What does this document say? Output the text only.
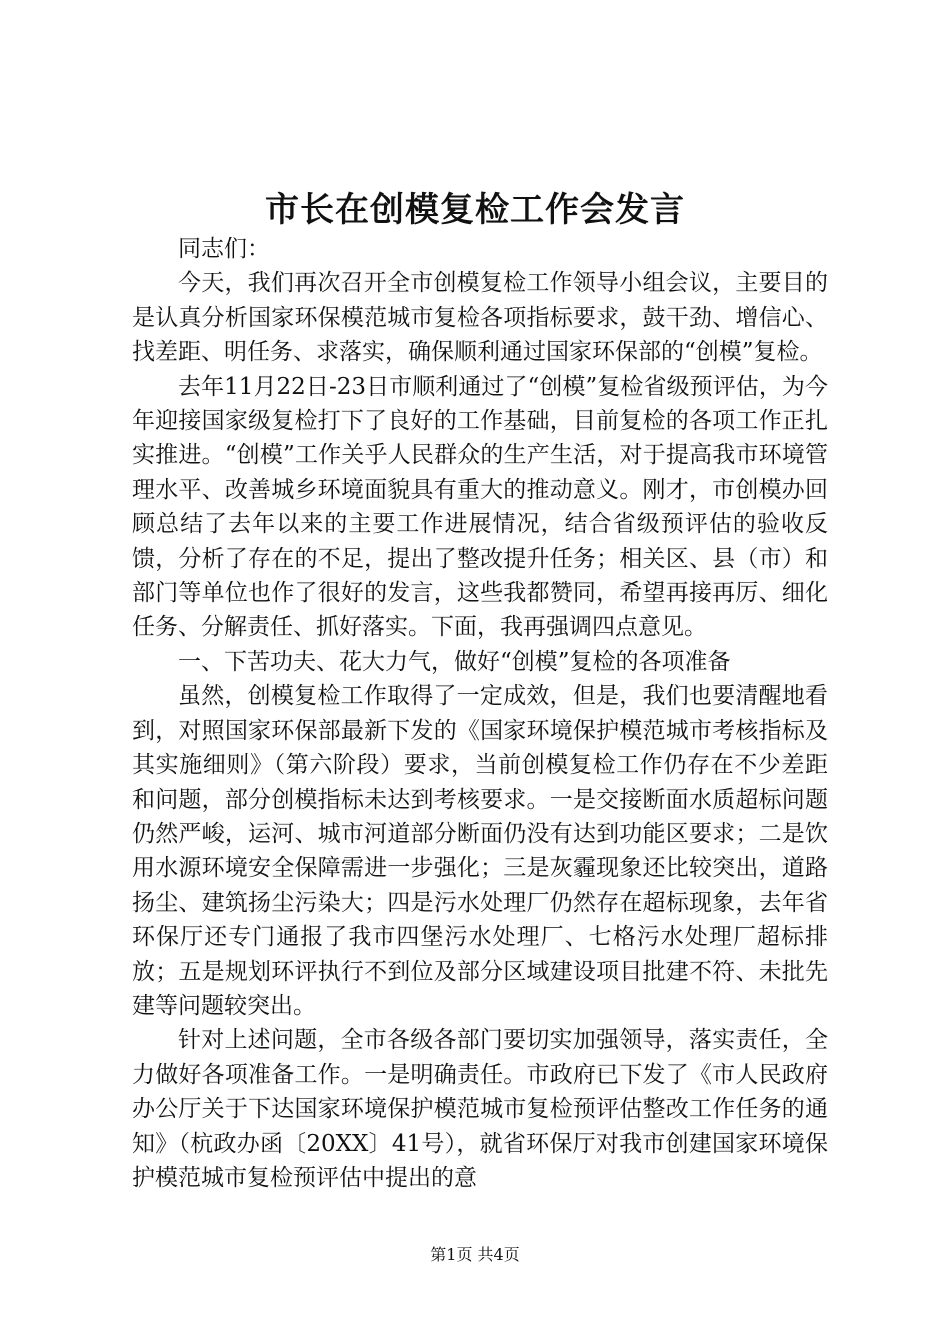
市长在创模复检工作会发言

同志们：

今天，我们再次召开全市创模复检工作领导小组会议，主要目的是认真分析国家环保模范城市复检各项指标要求，鼓干劲、增信心、找差距、明任务、求落实，确保顺利通过国家环保部的“创模”复检。

去年11月22日-23日市顺利通过了“创模”复检省级预评估，为今年迎接国家级复检打下了良好的工作基础，目前复检的各项工作正扎实推进。“创模”工作关乎人民群众的生产生活，对于提高我市环境管理水平、改善城乡环境面貌具有重大的推动意义。刚才，市创模办回顾总结了去年以来的主要工作进展情况，结合省级预评估的验收反馈，分析了存在的不足，提出了整改提升任务；相关区、县（市）和部门等单位也作了很好的发言，这些我都赞同，希望再接再厉、细化任务、分解责任、抓好落实。下面，我再强调四点意见。

一、下苦功夫、花大力气，做好“创模”复检的各项准备

虽然，创模复检工作取得了一定成效，但是，我们也要清醒地看到，对照国家环保部最新下发的《国家环境保护模范城市考核指标及其实施细则》（第六阶段）要求，当前创模复检工作仍存在不少差距和问题，部分创模指标未达到考核要求。一是交接断面水质超标问题仍然严峻，运河、城市河道部分断面仍没有达到功能区要求；二是饮用水源环境安全保障需进一步强化；三是灰霾现象还比较突出，道路扬尘、建筑扬尘污染大；四是污水处理厂仍然存在超标现象，去年省环保厅还专门通报了我市四堡污水处理厂、七格污水处理厂超标排放；五是规划环评执行不到位及部分区域建设项目批建不符、未批先建等问题较突出。

针对上述问题，全市各级各部门要切实加强领导，落实责任，全力做好各项准备工作。一是明确责任。市政府已下发了《市人民政府办公厅关于下达国家环境保护模范城市复检预评估整改工作任务的通知》（杭政办函〔20XX〕41号），就省环保厅对我市创建国家环境保护模范城市复检预评估中提出的意

第1页 共4页
